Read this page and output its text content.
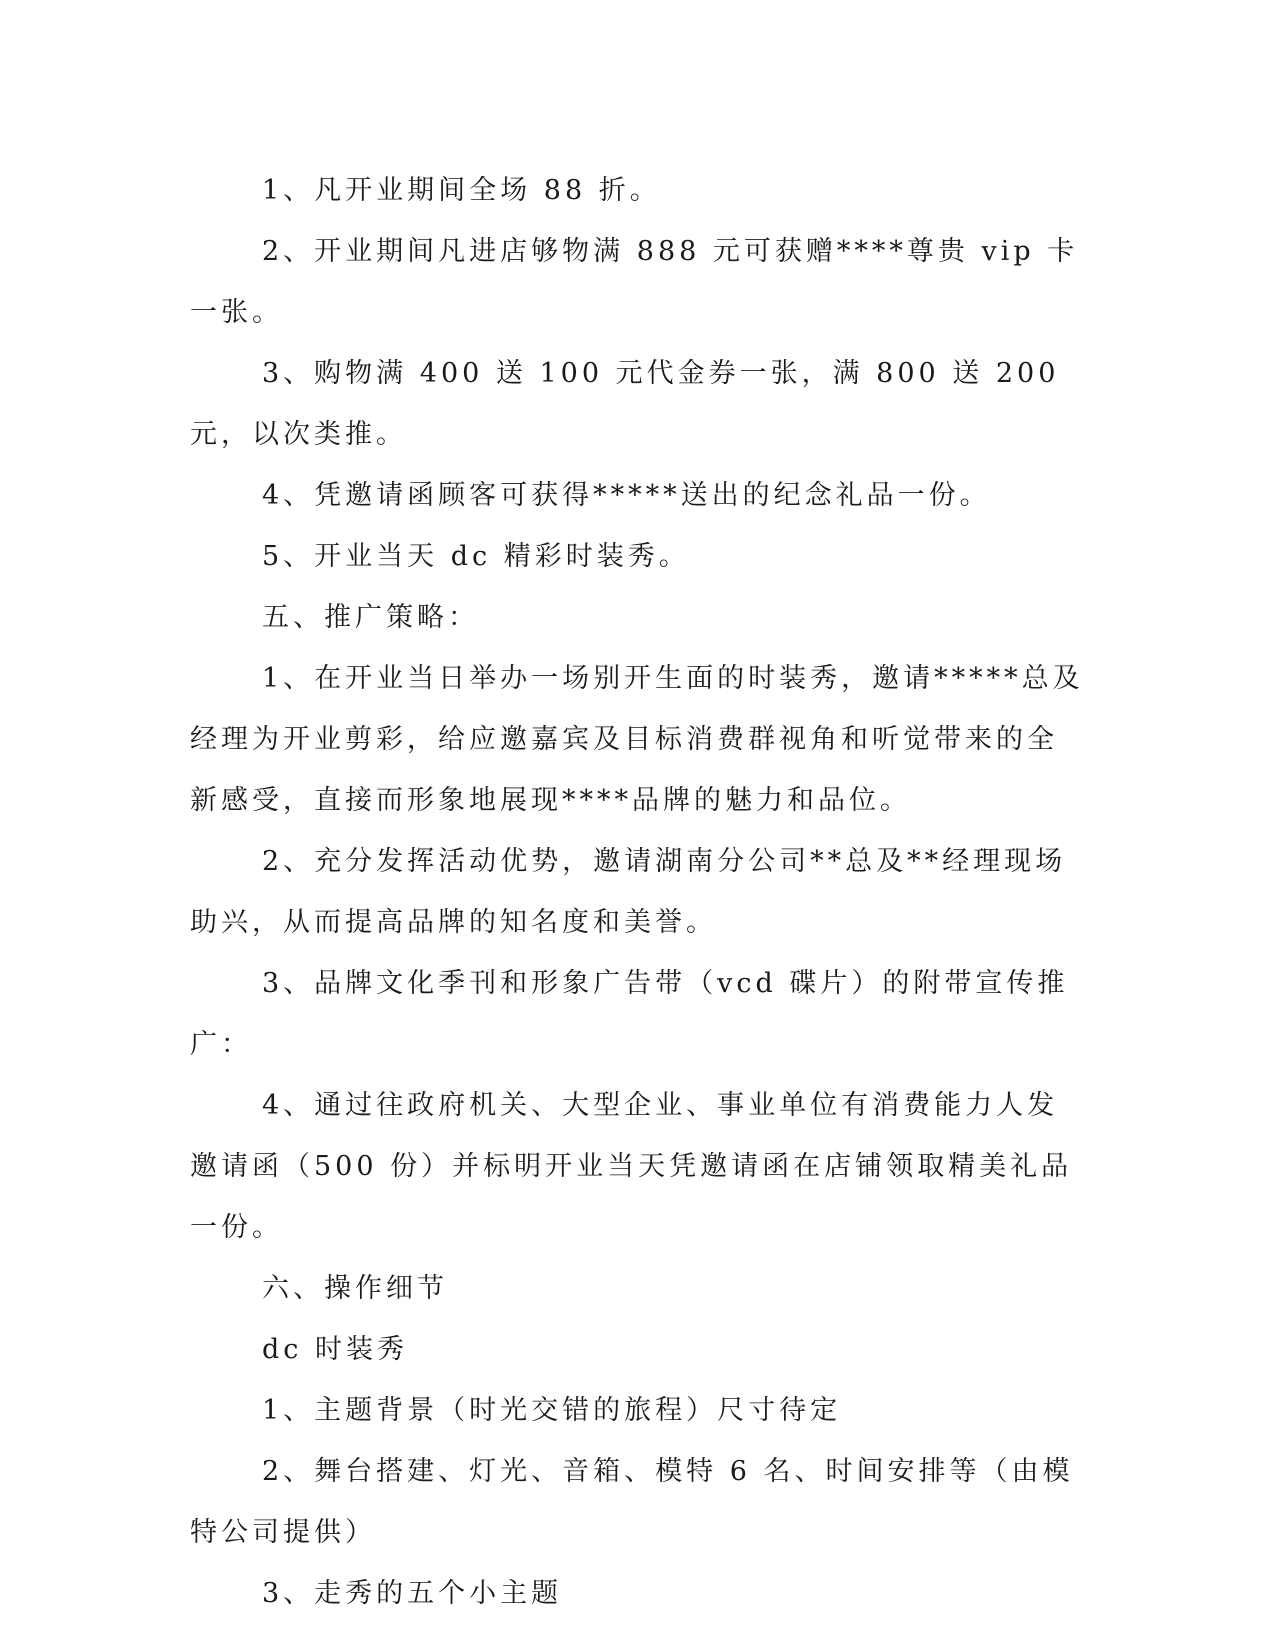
1、凡开业期间全场 88 折。

2、开业期间凡进店够物满 888 元可获赠****尊贵 vip 卡一张。

3、购物满 400 送 100 元代金券一张，满 800 送 200 元，以次类推。

4、凭邀请函顾客可获得*****送出的纪念礼品一份。

5、开业当天 dc 精彩时装秀。

五、推广策略：

1、在开业当日举办一场别开生面的时装秀，邀请*****总及经理为开业剪彩，给应邀嘉宾及目标消费群视角和听觉带来的全新感受，直接而形象地展现****品牌的魅力和品位。

2、充分发挥活动优势，邀请湖南分公司**总及**经理现场助兴，从而提高品牌的知名度和美誉。

3、品牌文化季刊和形象广告带（vcd 碟片）的附带宣传推广：

4、通过往政府机关、大型企业、事业单位有消费能力人发邀请函（500 份）并标明开业当天凭邀请函在店铺领取精美礼品一份。

六、操作细节

dc 时装秀

1、主题背景（时光交错的旅程）尺寸待定

2、舞台搭建、灯光、音箱、模特 6 名、时间安排等（由模特公司提供）

3、走秀的五个小主题
